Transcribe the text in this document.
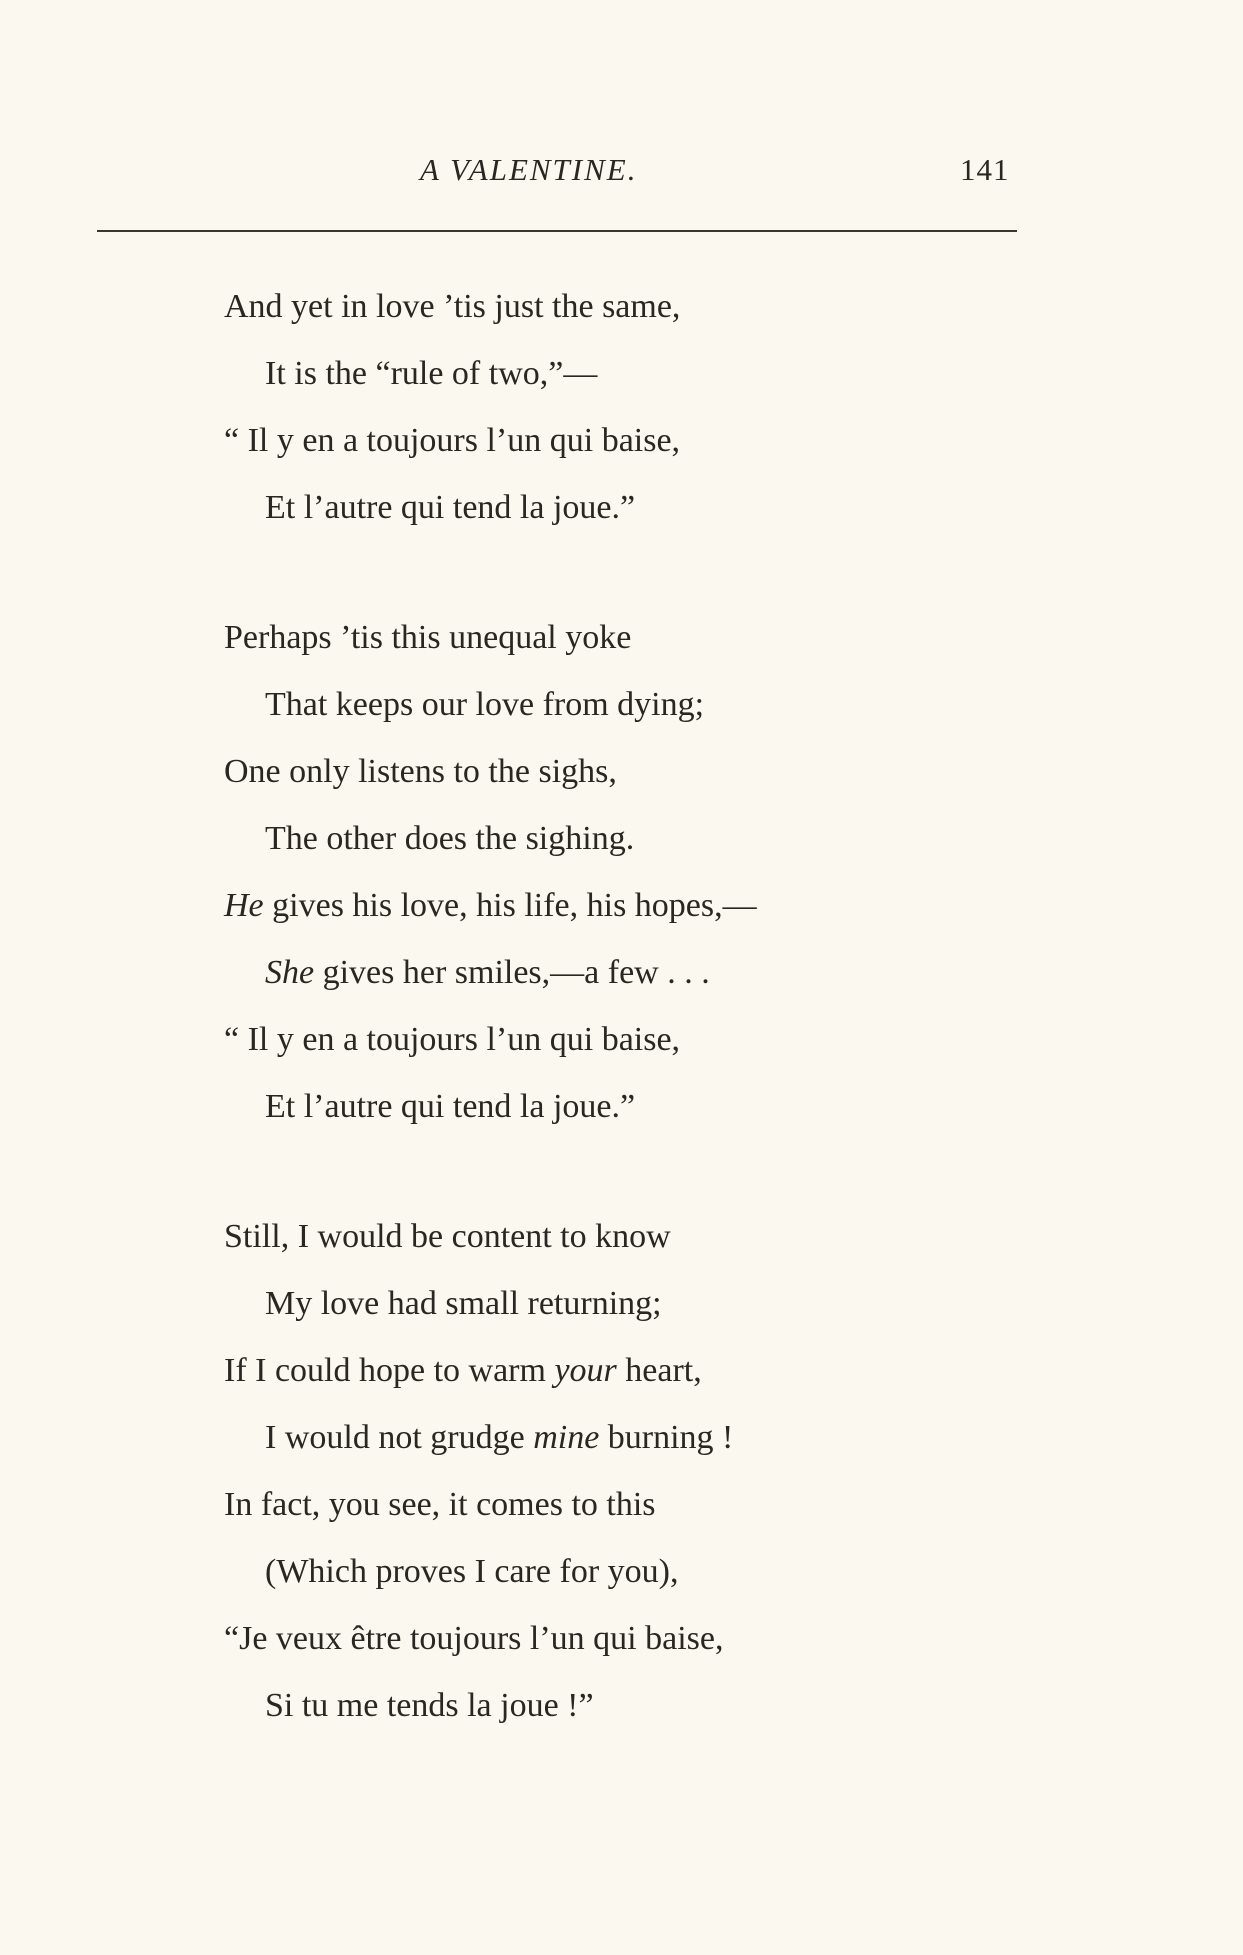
A VALENTINE.	141
And yet in love ’tis just the same,
It is the “rule of two,”—
“ Il y en a toujours l’un qui baise,
Et l’autre qui tend la joue.”
Perhaps ’tis this unequal yoke
That keeps our love from dying;
One only listens to the sighs,
The other does the sighing.
He gives his love, his life, his hopes,—
She gives her smiles,—a few . . .
“ Il y en a toujours l’un qui baise,
Et l’autre qui tend la joue.”
Still, I would be content to know
My love had small returning;
If I could hope to warm your heart,
I would not grudge mine burning !
In fact, you see, it comes to this
(Which proves I care for you),
“Je veux être toujours l’un qui baise,
Si tu me tends la joue !”
